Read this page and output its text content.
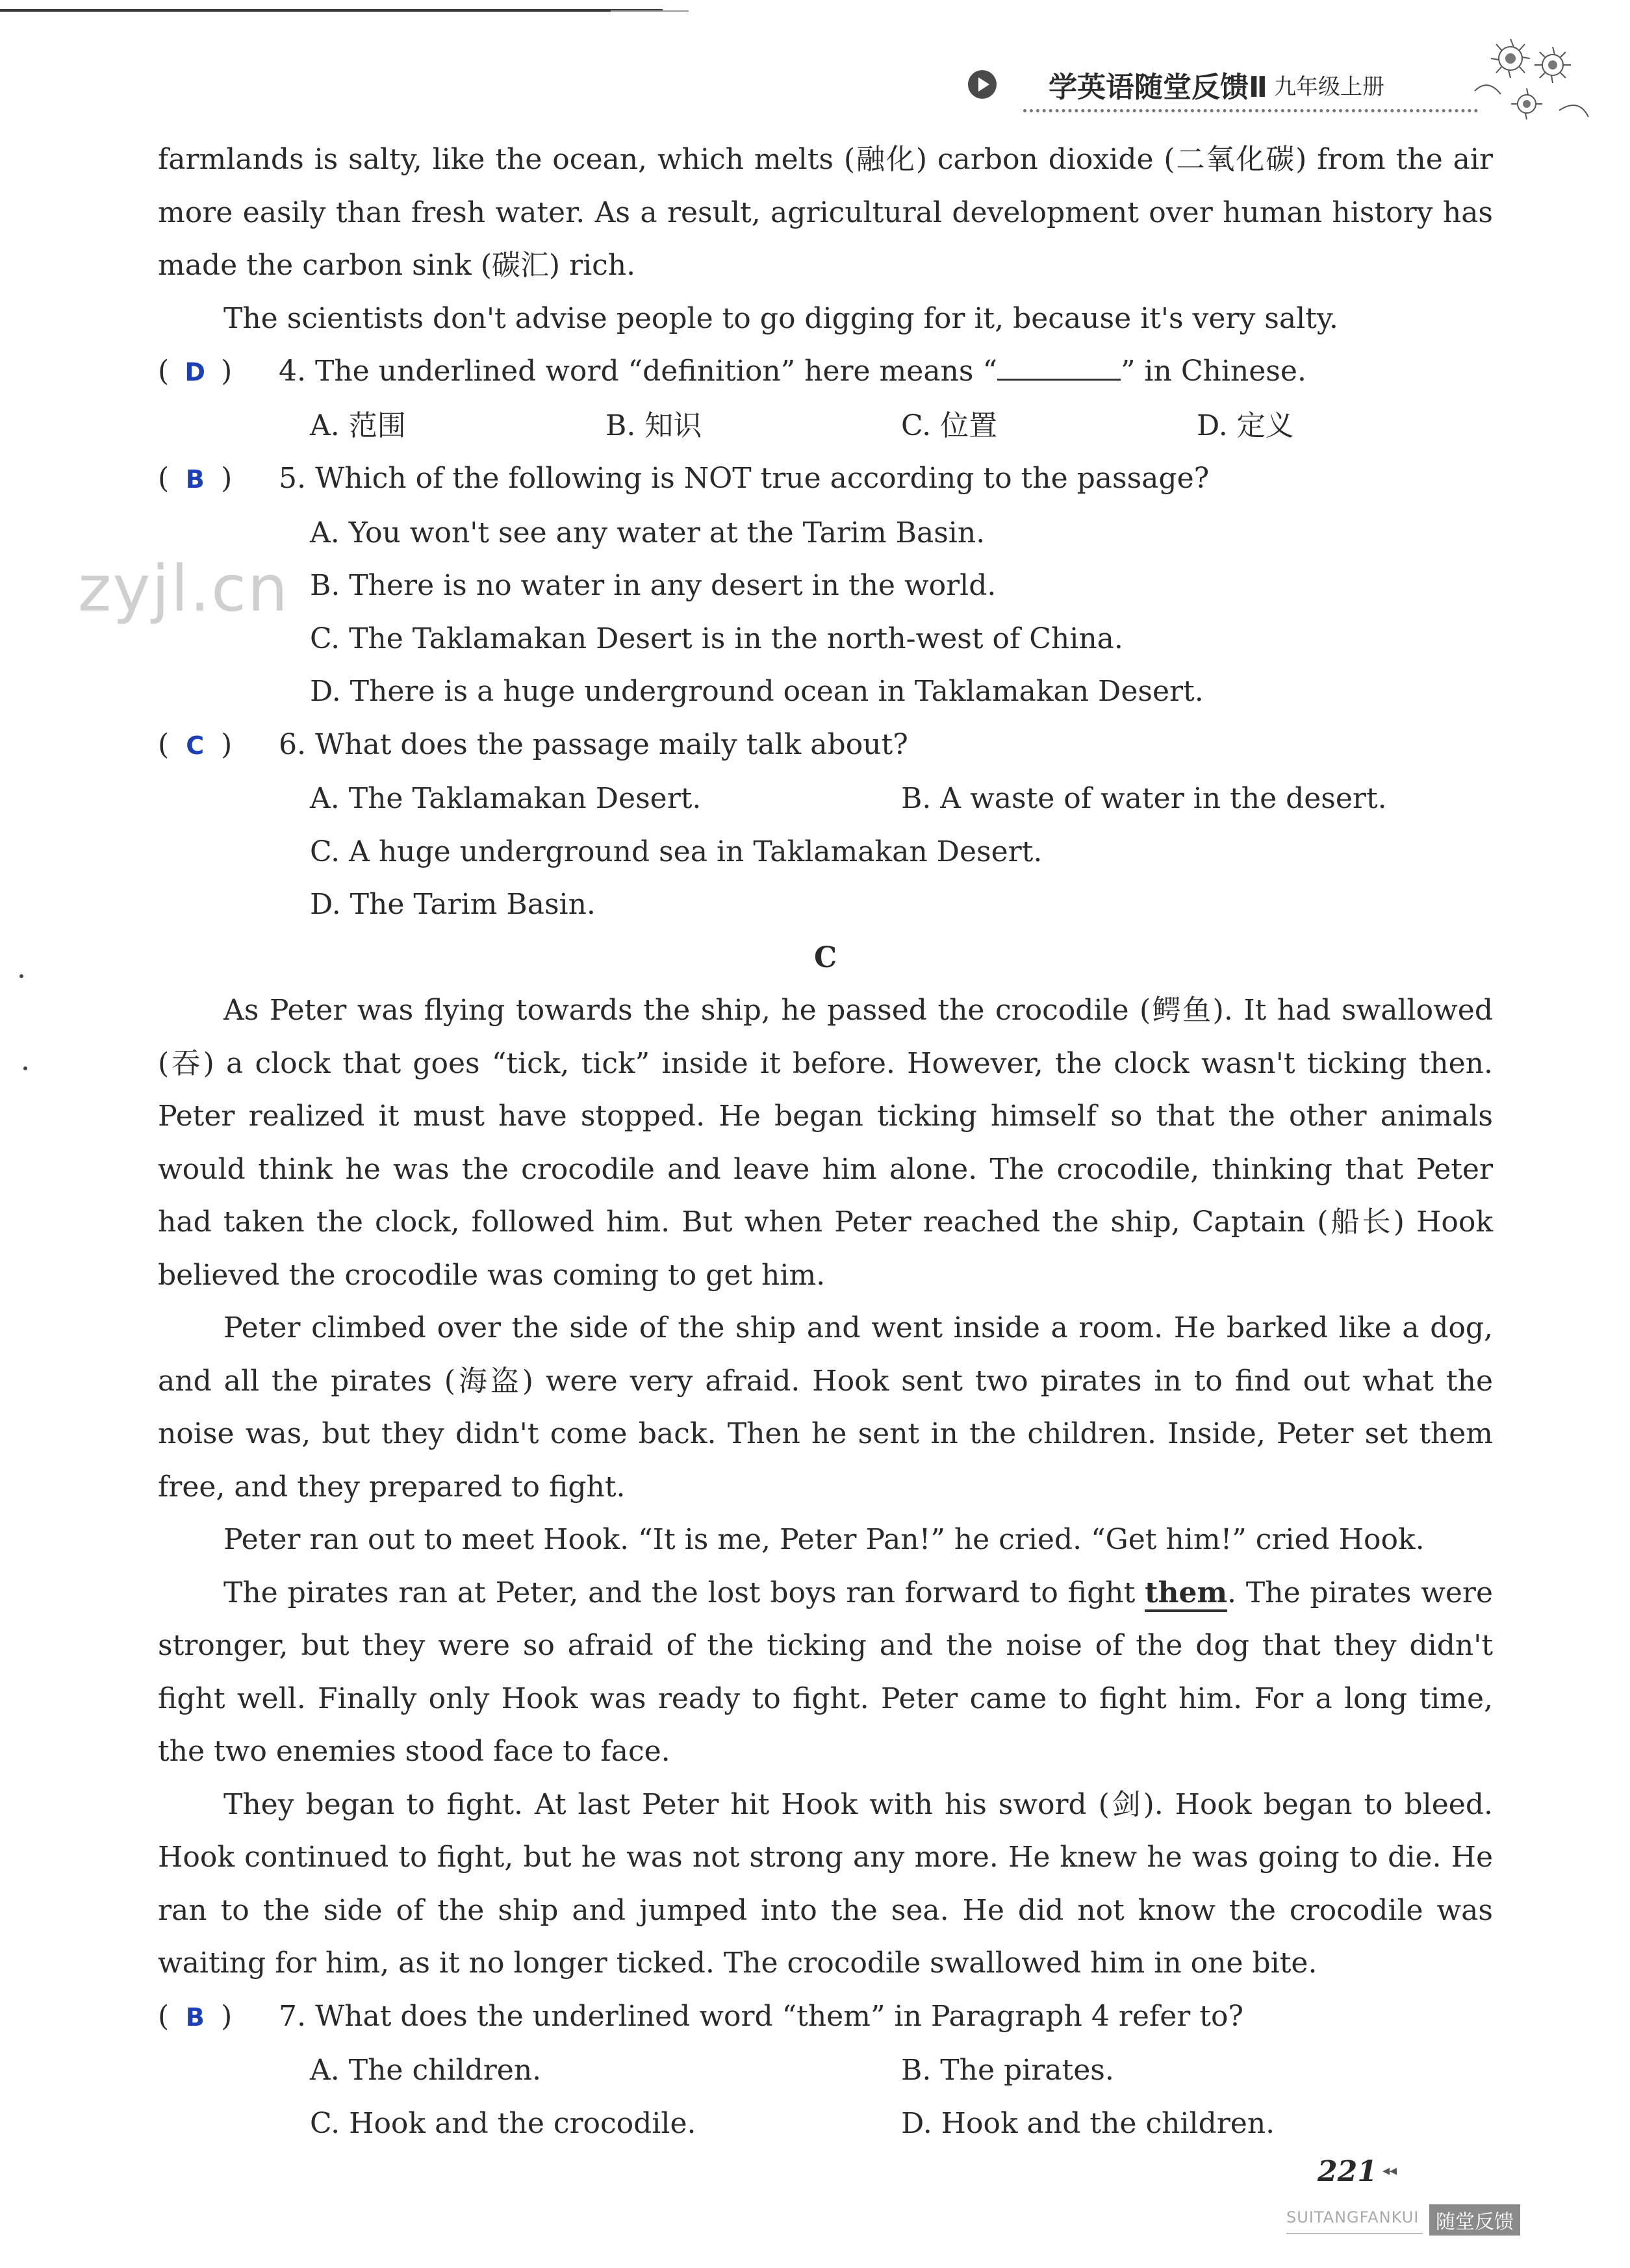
学英语随堂反馈Ⅱ 九年级上册
zyjl.cn

farmlands is salty, like the ocean, which melts (融化) carbon dioxide (二氧化碳) from the air more easily than fresh water. As a result, agricultural development over human history has made the carbon sink (碳汇) rich.

The scientists don't advise people to go digging for it, because it's very salty.

( D ) 4. The underlined word “definition” here means “	” in Chinese.
A. 范围	B. 知识	C. 位置	D. 定义
( B ) 5. Which of the following is NOT true according to the passage?
A. You won't see any water at the Tarim Basin.
B. There is no water in any desert in the world.
C. The Taklamakan Desert is in the north-west of China.
D. There is a huge underground ocean in Taklamakan Desert.
( C ) 6. What does the passage maily talk about?
A. The Taklamakan Desert.	B. A waste of water in the desert.
C. A huge underground sea in Taklamakan Desert.
D. The Tarim Basin.
C

As Peter was flying towards the ship, he passed the crocodile (鳄鱼). It had swallowed (吞) a clock that goes “tick, tick” inside it before. However, the clock wasn't ticking then. Peter realized it must have stopped. He began ticking himself so that the other animals would think he was the crocodile and leave him alone. The crocodile, thinking that Peter had taken the clock, followed him. But when Peter reached the ship, Captain (船长) Hook believed the crocodile was coming to get him.

Peter climbed over the side of the ship and went inside a room. He barked like a dog, and all the pirates (海盗) were very afraid. Hook sent two pirates in to find out what the noise was, but they didn't come back. Then he sent in the children. Inside, Peter set them free, and they prepared to fight.

Peter ran out to meet Hook. “It is me, Peter Pan!” he cried. “Get him!” cried Hook.

The pirates ran at Peter, and the lost boys ran forward to fight them. The pirates were stronger, but they were so afraid of the ticking and the noise of the dog that they didn't fight well. Finally only Hook was ready to fight. Peter came to fight him. For a long time, the two enemies stood face to face.

They began to fight. At last Peter hit Hook with his sword (剑). Hook began to bleed. Hook continued to fight, but he was not strong any more. He knew he was going to die. He ran to the side of the ship and jumped into the sea. He did not know the crocodile was waiting for him, as it no longer ticked. The crocodile swallowed him in one bite.

( B ) 7. What does the underlined word “them” in Paragraph 4 refer to?
A. The children.	B. The pirates.
C. Hook and the crocodile.	D. Hook and the children.
221 ◂◂
SUITANGFANKUI 随堂反馈
